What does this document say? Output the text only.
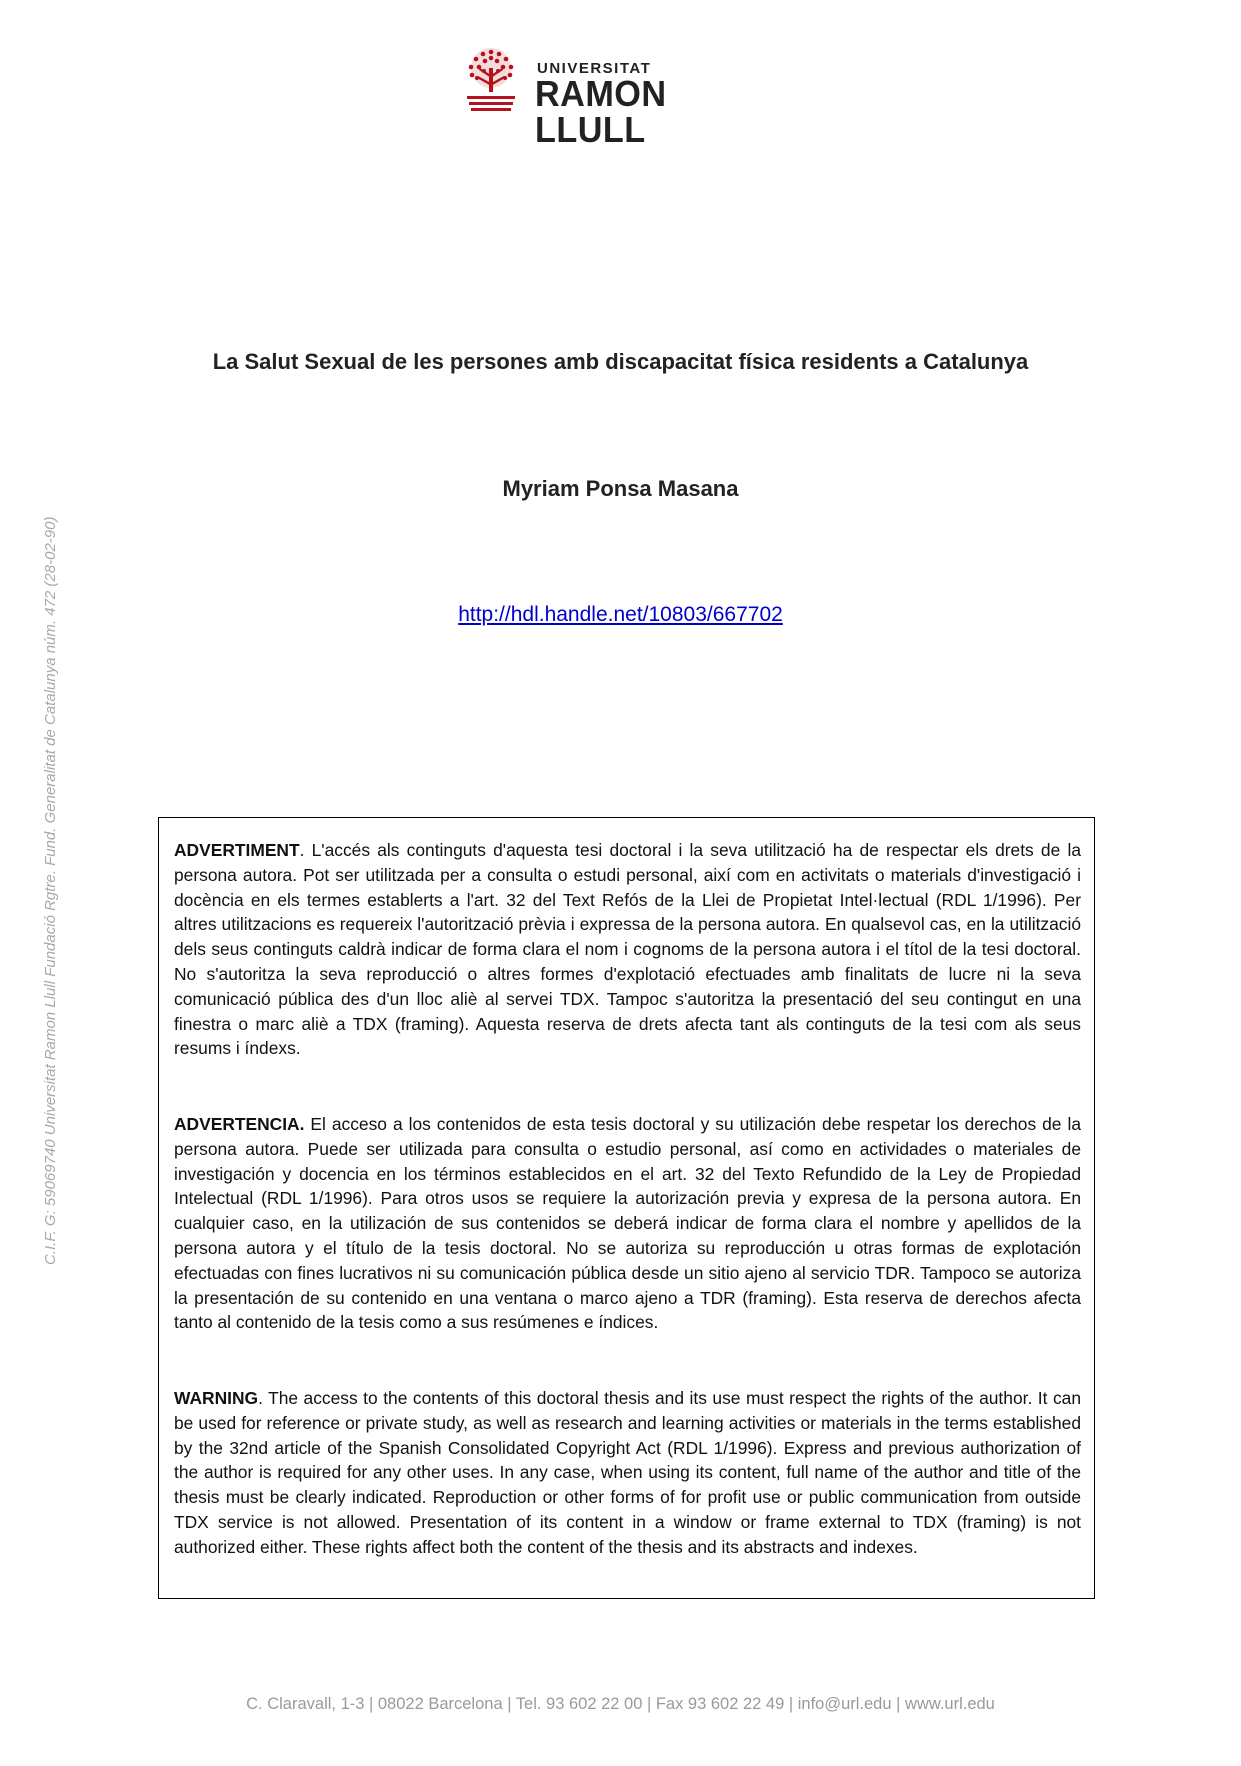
UNIVERSITAT
RAMON LLULL
C.I.F. G: 59069740 Universitat Ramon Llull Fundació Rgtre. Fund. Generalitat de Catalunya núm. 472 (28-02-90)
La Salut Sexual de les persones amb discapacitat física residents a Catalunya
Myriam Ponsa Masana
http://hdl.handle.net/10803/667702
ADVERTIMENT. L'accés als continguts d'aquesta tesi doctoral i la seva utilització ha de respectar els drets de la persona autora. Pot ser utilitzada per a consulta o estudi personal, així com en activitats o materials d'investigació i docència en els termes establerts a l'art. 32 del Text Refós de la Llei de Propietat Intel·lectual (RDL 1/1996). Per altres utilitzacions es requereix l'autorització prèvia i expressa de la persona autora. En qualsevol cas, en la utilització dels seus continguts caldrà indicar de forma clara el nom i cognoms de la persona autora i el títol de la tesi doctoral. No s'autoritza la seva reproducció o altres formes d'explotació efectuades amb finalitats de lucre ni la seva comunicació pública des d'un lloc aliè al servei TDX. Tampoc s'autoritza la presentació del seu contingut en una finestra o marc aliè a TDX (framing). Aquesta reserva de drets afecta tant als continguts de la tesi com als seus resums i índexs.
ADVERTENCIA. El acceso a los contenidos de esta tesis doctoral y su utilización debe respetar los derechos de la persona autora. Puede ser utilizada para consulta o estudio personal, así como en actividades o materiales de investigación y docencia en los términos establecidos en el art. 32 del Texto Refundido de la Ley de Propiedad Intelectual (RDL 1/1996). Para otros usos se requiere la autorización previa y expresa de la persona autora. En cualquier caso, en la utilización de sus contenidos se deberá indicar de forma clara el nombre y apellidos de la persona autora y el título de la tesis doctoral. No se autoriza su reproducción u otras formas de explotación efectuadas con fines lucrativos ni su comunicación pública desde un sitio ajeno al servicio TDR. Tampoco se autoriza la presentación de su contenido en una ventana o marco ajeno a TDR (framing). Esta reserva de derechos afecta tanto al contenido de la tesis como a sus resúmenes e índices.
WARNING. The access to the contents of this doctoral thesis and its use must respect the rights of the author. It can be used for reference or private study, as well as research and learning activities or materials in the terms established by the 32nd article of the Spanish Consolidated Copyright Act (RDL 1/1996). Express and previous authorization of the author is required for any other uses. In any case, when using its content, full name of the author and title of the thesis must be clearly indicated. Reproduction or other forms of for profit use or public communication from outside TDX service is not allowed. Presentation of its content in a window or frame external to TDX (framing) is not authorized either. These rights affect both the content of the thesis and its abstracts and indexes.
C. Claravall, 1-3 | 08022 Barcelona | Tel. 93 602 22 00 | Fax 93 602 22 49 | info@url.edu | www.url.edu
